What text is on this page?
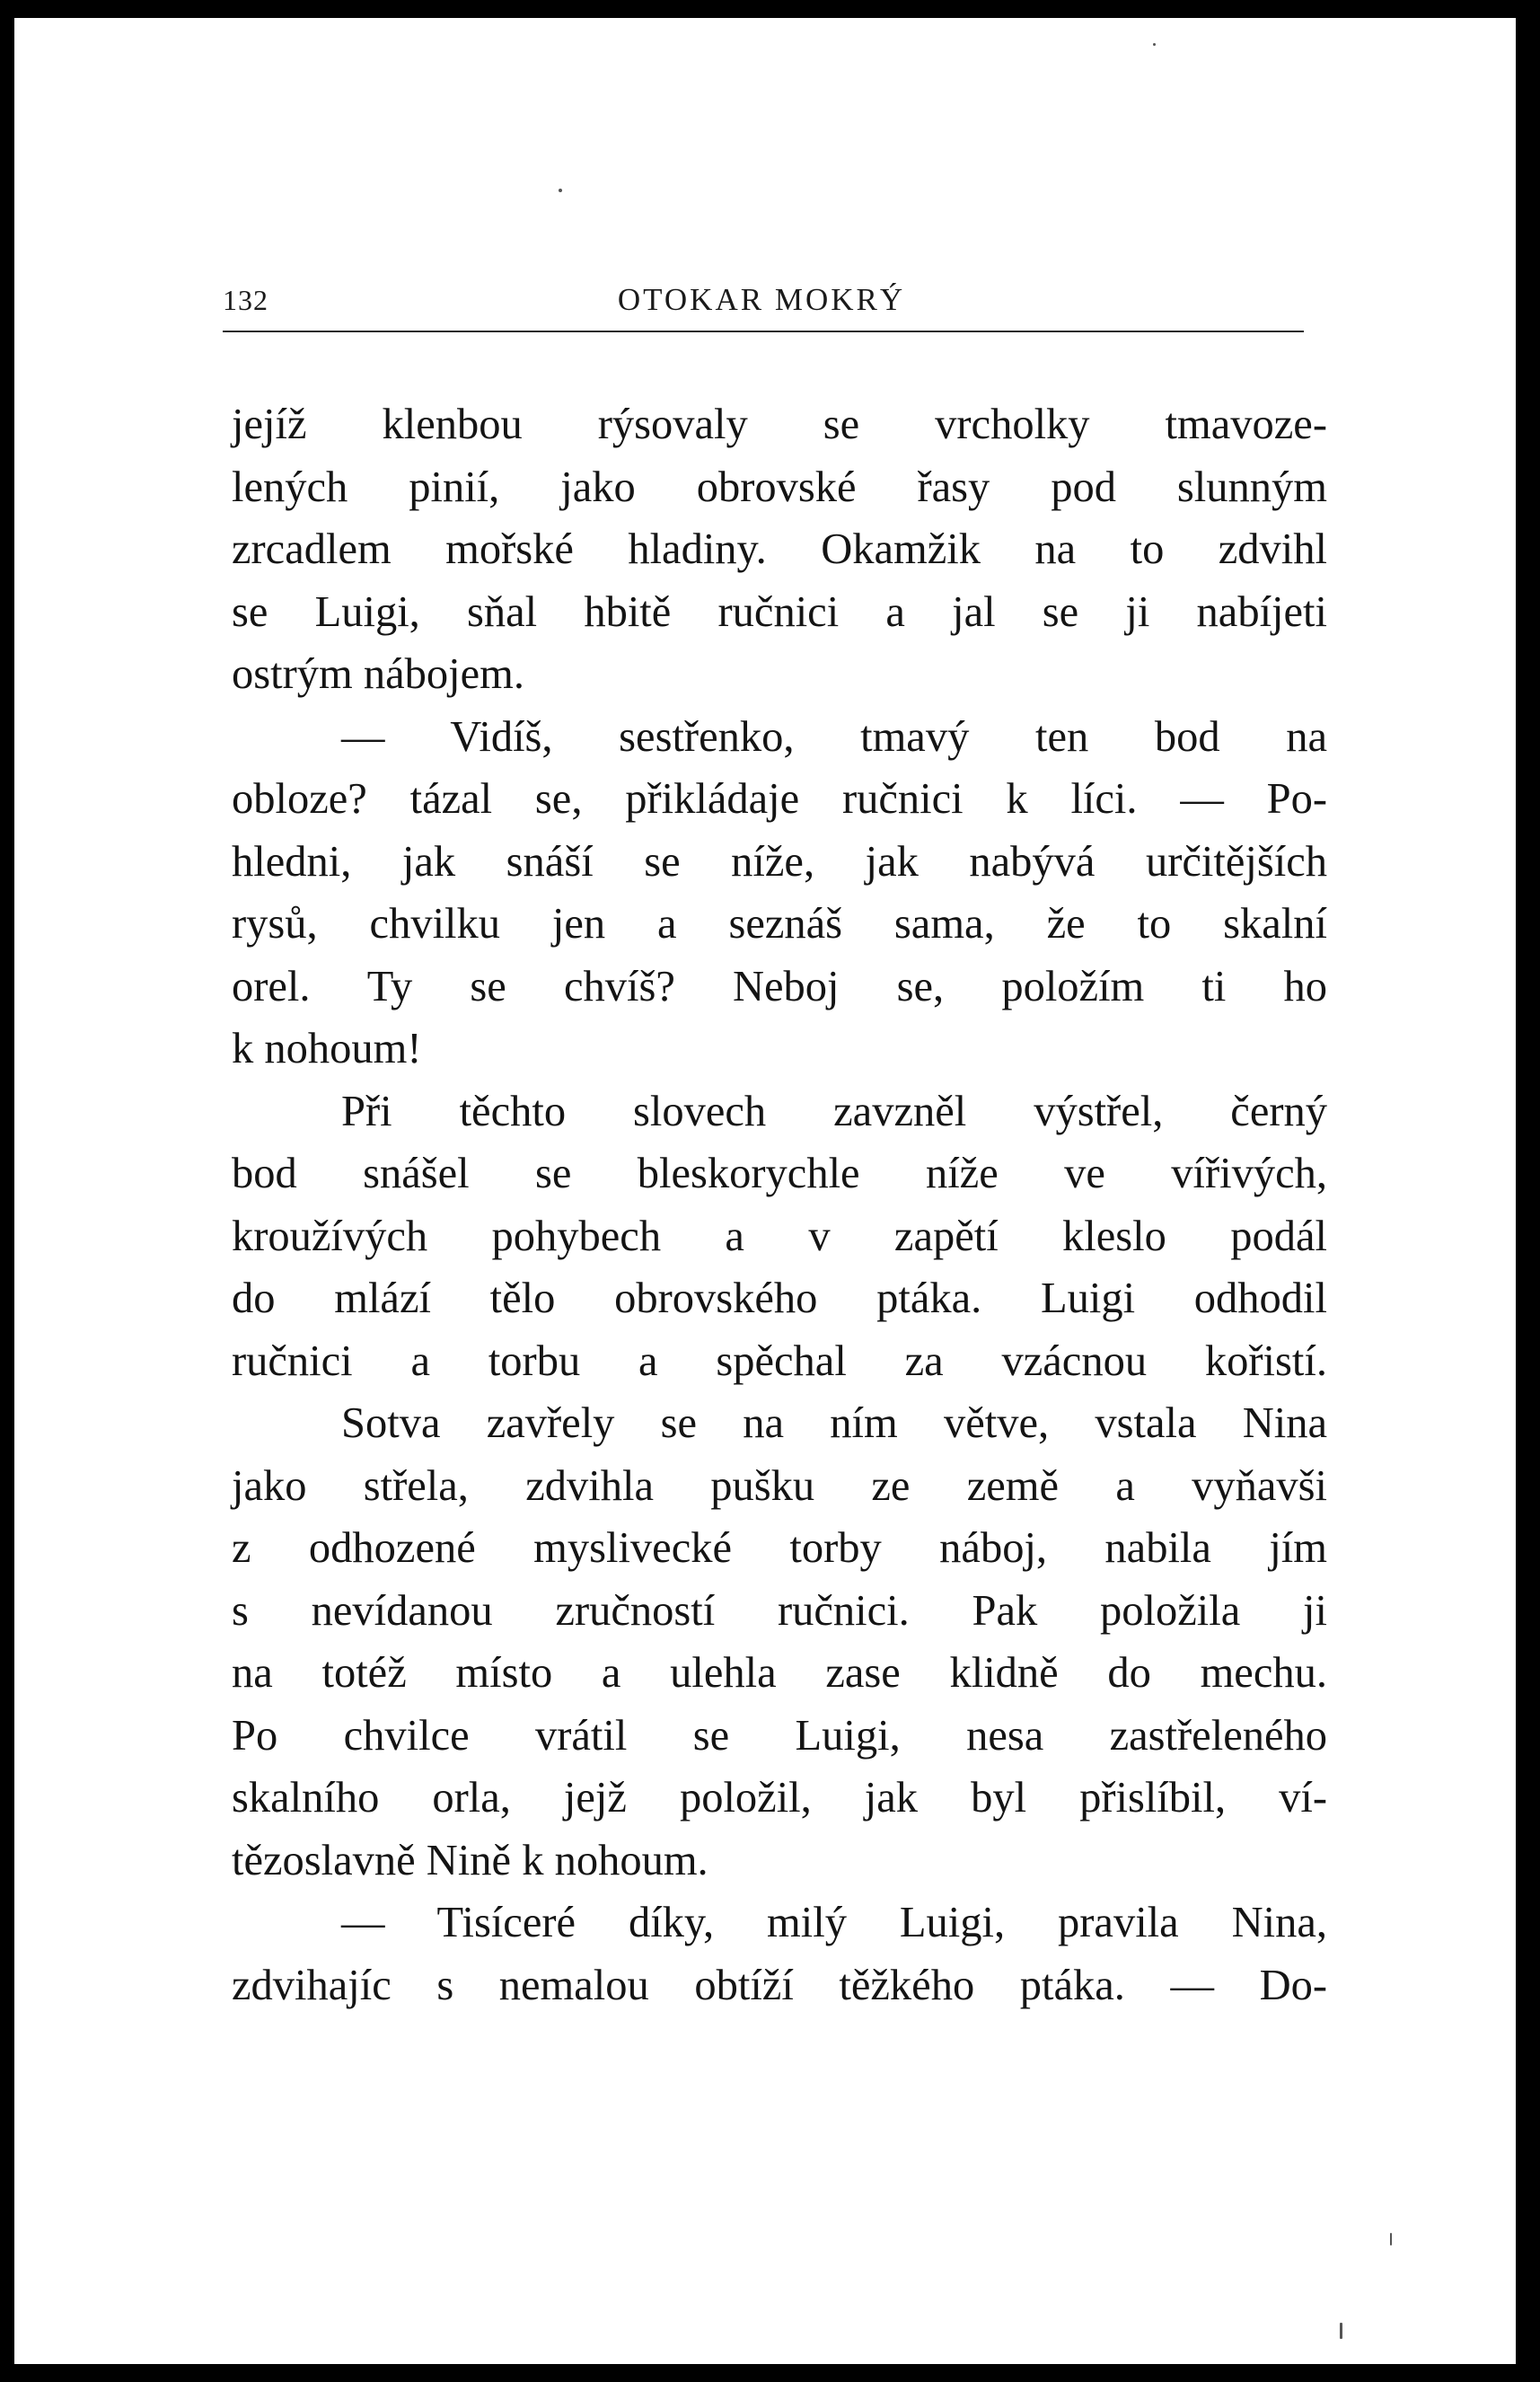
132	OTOKAR MOKRÝ
jejíž klenbou rýsovaly se vrcholky tmavoze-
lených pinií, jako obrovské řasy pod slunným
zrcadlem mořské hladiny. Okamžik na to zdvihl
se Luigi, sňal hbitě ručnici a jal se ji nabíjeti
ostrým nábojem.
— Vidíš, sestřenko, tmavý ten bod na
obloze? tázal se, přikládaje ručnici k líci. — Po-
hledni, jak snáší se níže, jak nabývá určitějších
rysů, chvilku jen a seznáš sama, že to skalní
orel. Ty se chvíš? Neboj se, položím ti ho
k nohoum!
Při těchto slovech zavzněl výstřel, černý
bod snášel se bleskorychle níže ve vířivých,
kroužívých pohybech a v zapětí kleslo podál
do mlází tělo obrovského ptáka. Luigi odhodil
ručnici a torbu a spěchal za vzácnou kořistí.
Sotva zavřely se na ním větve, vstala Nina
jako střela, zdvihla pušku ze země a vyňavši
z odhozené myslivecké torby náboj, nabila jím
s nevídanou zručností ručnici. Pak položila ji
na totéž místo a ulehla zase klidně do mechu.
Po chvilce vrátil se Luigi, nesa zastřeleného
skalního orla, jejž položil, jak byl přislíbil, ví-
tězoslavně Nině k nohoum.
— Tisíceré díky, milý Luigi, pravila Nina,
zdvihajíc s nemalou obtíží těžkého ptáka. — Do-
